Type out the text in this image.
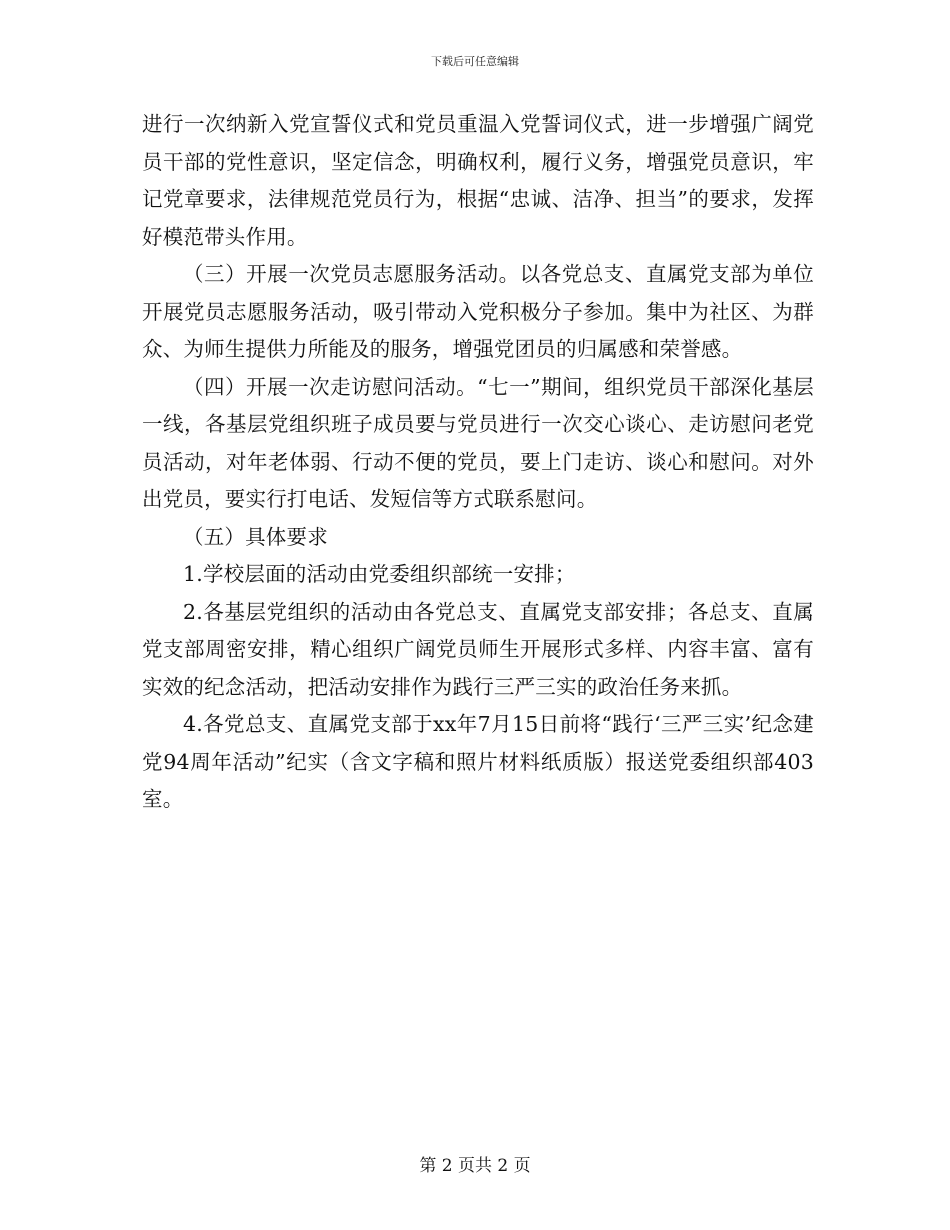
下载后可任意编辑

进行一次纳新入党宣誓仪式和党员重温入党誓词仪式，进一步增强广阔党员干部的党性意识，坚定信念，明确权利，履行义务，增强党员意识，牢记党章要求，法律规范党员行为，根据“忠诚、洁净、担当”的要求，发挥好模范带头作用。

（三）开展一次党员志愿服务活动。以各党总支、直属党支部为单位开展党员志愿服务活动，吸引带动入党积极分子参加。集中为社区、为群众、为师生提供力所能及的服务，增强党团员的归属感和荣誉感。

（四）开展一次走访慰问活动。“七一”期间，组织党员干部深化基层一线，各基层党组织班子成员要与党员进行一次交心谈心、走访慰问老党员活动，对年老体弱、行动不便的党员，要上门走访、谈心和慰问。对外出党员，要实行打电话、发短信等方式联系慰问。

（五）具体要求

1.学校层面的活动由党委组织部统一安排；

2.各基层党组织的活动由各党总支、直属党支部安排；各总支、直属党支部周密安排，精心组织广阔党员师生开展形式多样、内容丰富、富有实效的纪念活动，把活动安排作为践行三严三实的政治任务来抓。

4.各党总支、直属党支部于xx年7月15日前将“践行‘三严三实’纪念建党94周年活动”纪实（含文字稿和照片材料纸质版）报送党委组织部403室。

第 2 页共 2 页
